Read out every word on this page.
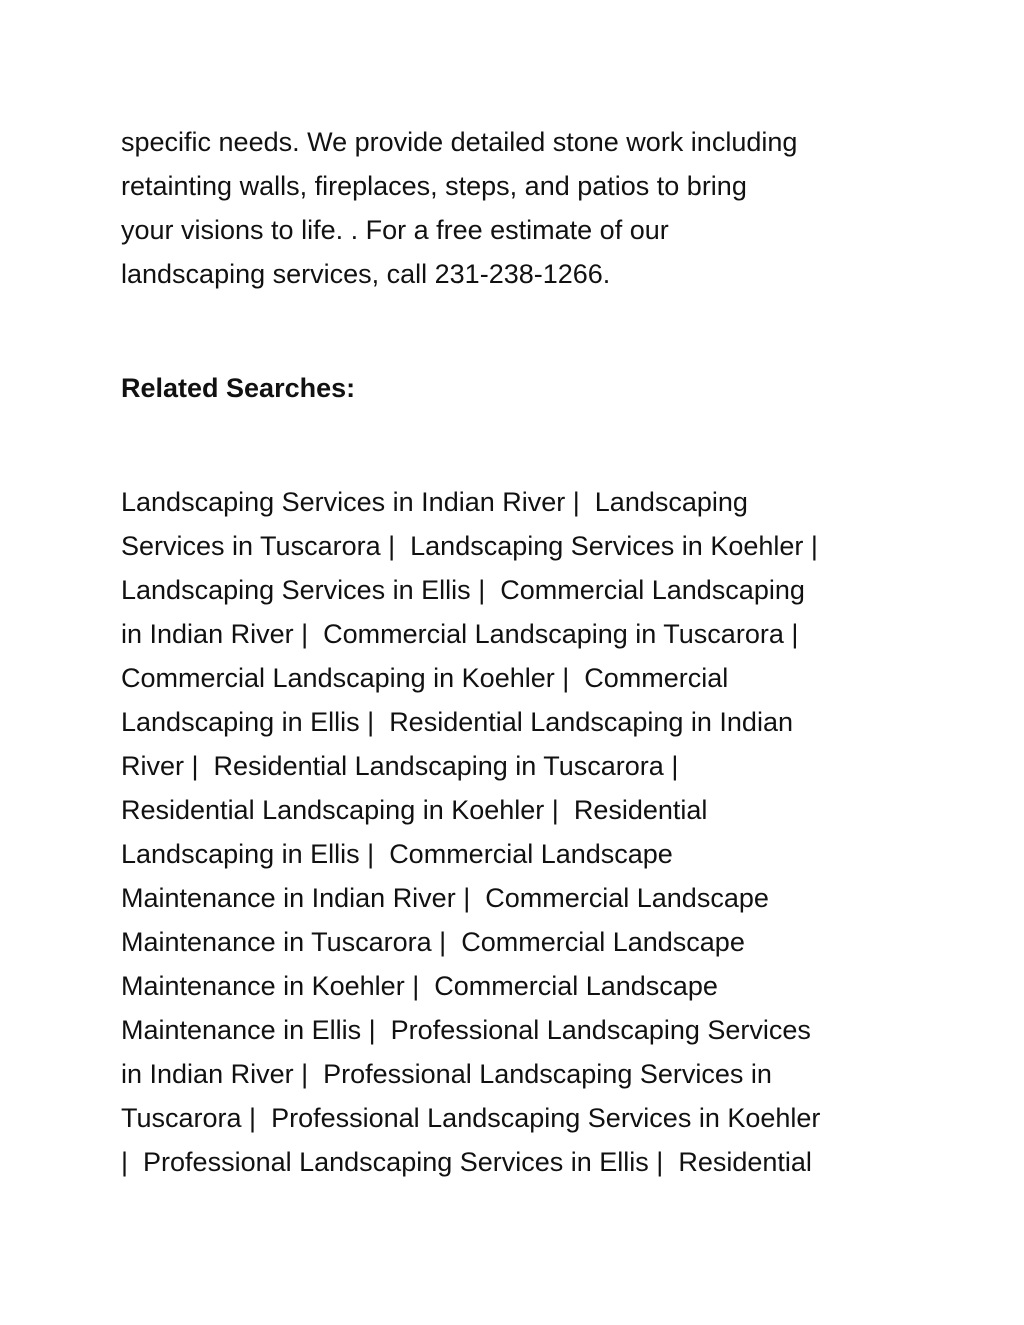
specific needs. We provide detailed stone work including
retainting walls, fireplaces, steps, and patios to bring
your visions to life. . For a free estimate of our
landscaping services, call 231-238-1266.
Related Searches:
Landscaping Services in Indian River |  Landscaping
Services in Tuscarora |  Landscaping Services in Koehler |
Landscaping Services in Ellis |  Commercial Landscaping
in Indian River |  Commercial Landscaping in Tuscarora |
Commercial Landscaping in Koehler |  Commercial
Landscaping in Ellis |  Residential Landscaping in Indian
River |  Residential Landscaping in Tuscarora |
Residential Landscaping in Koehler |  Residential
Landscaping in Ellis |  Commercial Landscape
Maintenance in Indian River |  Commercial Landscape
Maintenance in Tuscarora |  Commercial Landscape
Maintenance in Koehler |  Commercial Landscape
Maintenance in Ellis |  Professional Landscaping Services
in Indian River |  Professional Landscaping Services in
Tuscarora |  Professional Landscaping Services in Koehler
|  Professional Landscaping Services in Ellis |  Residential
